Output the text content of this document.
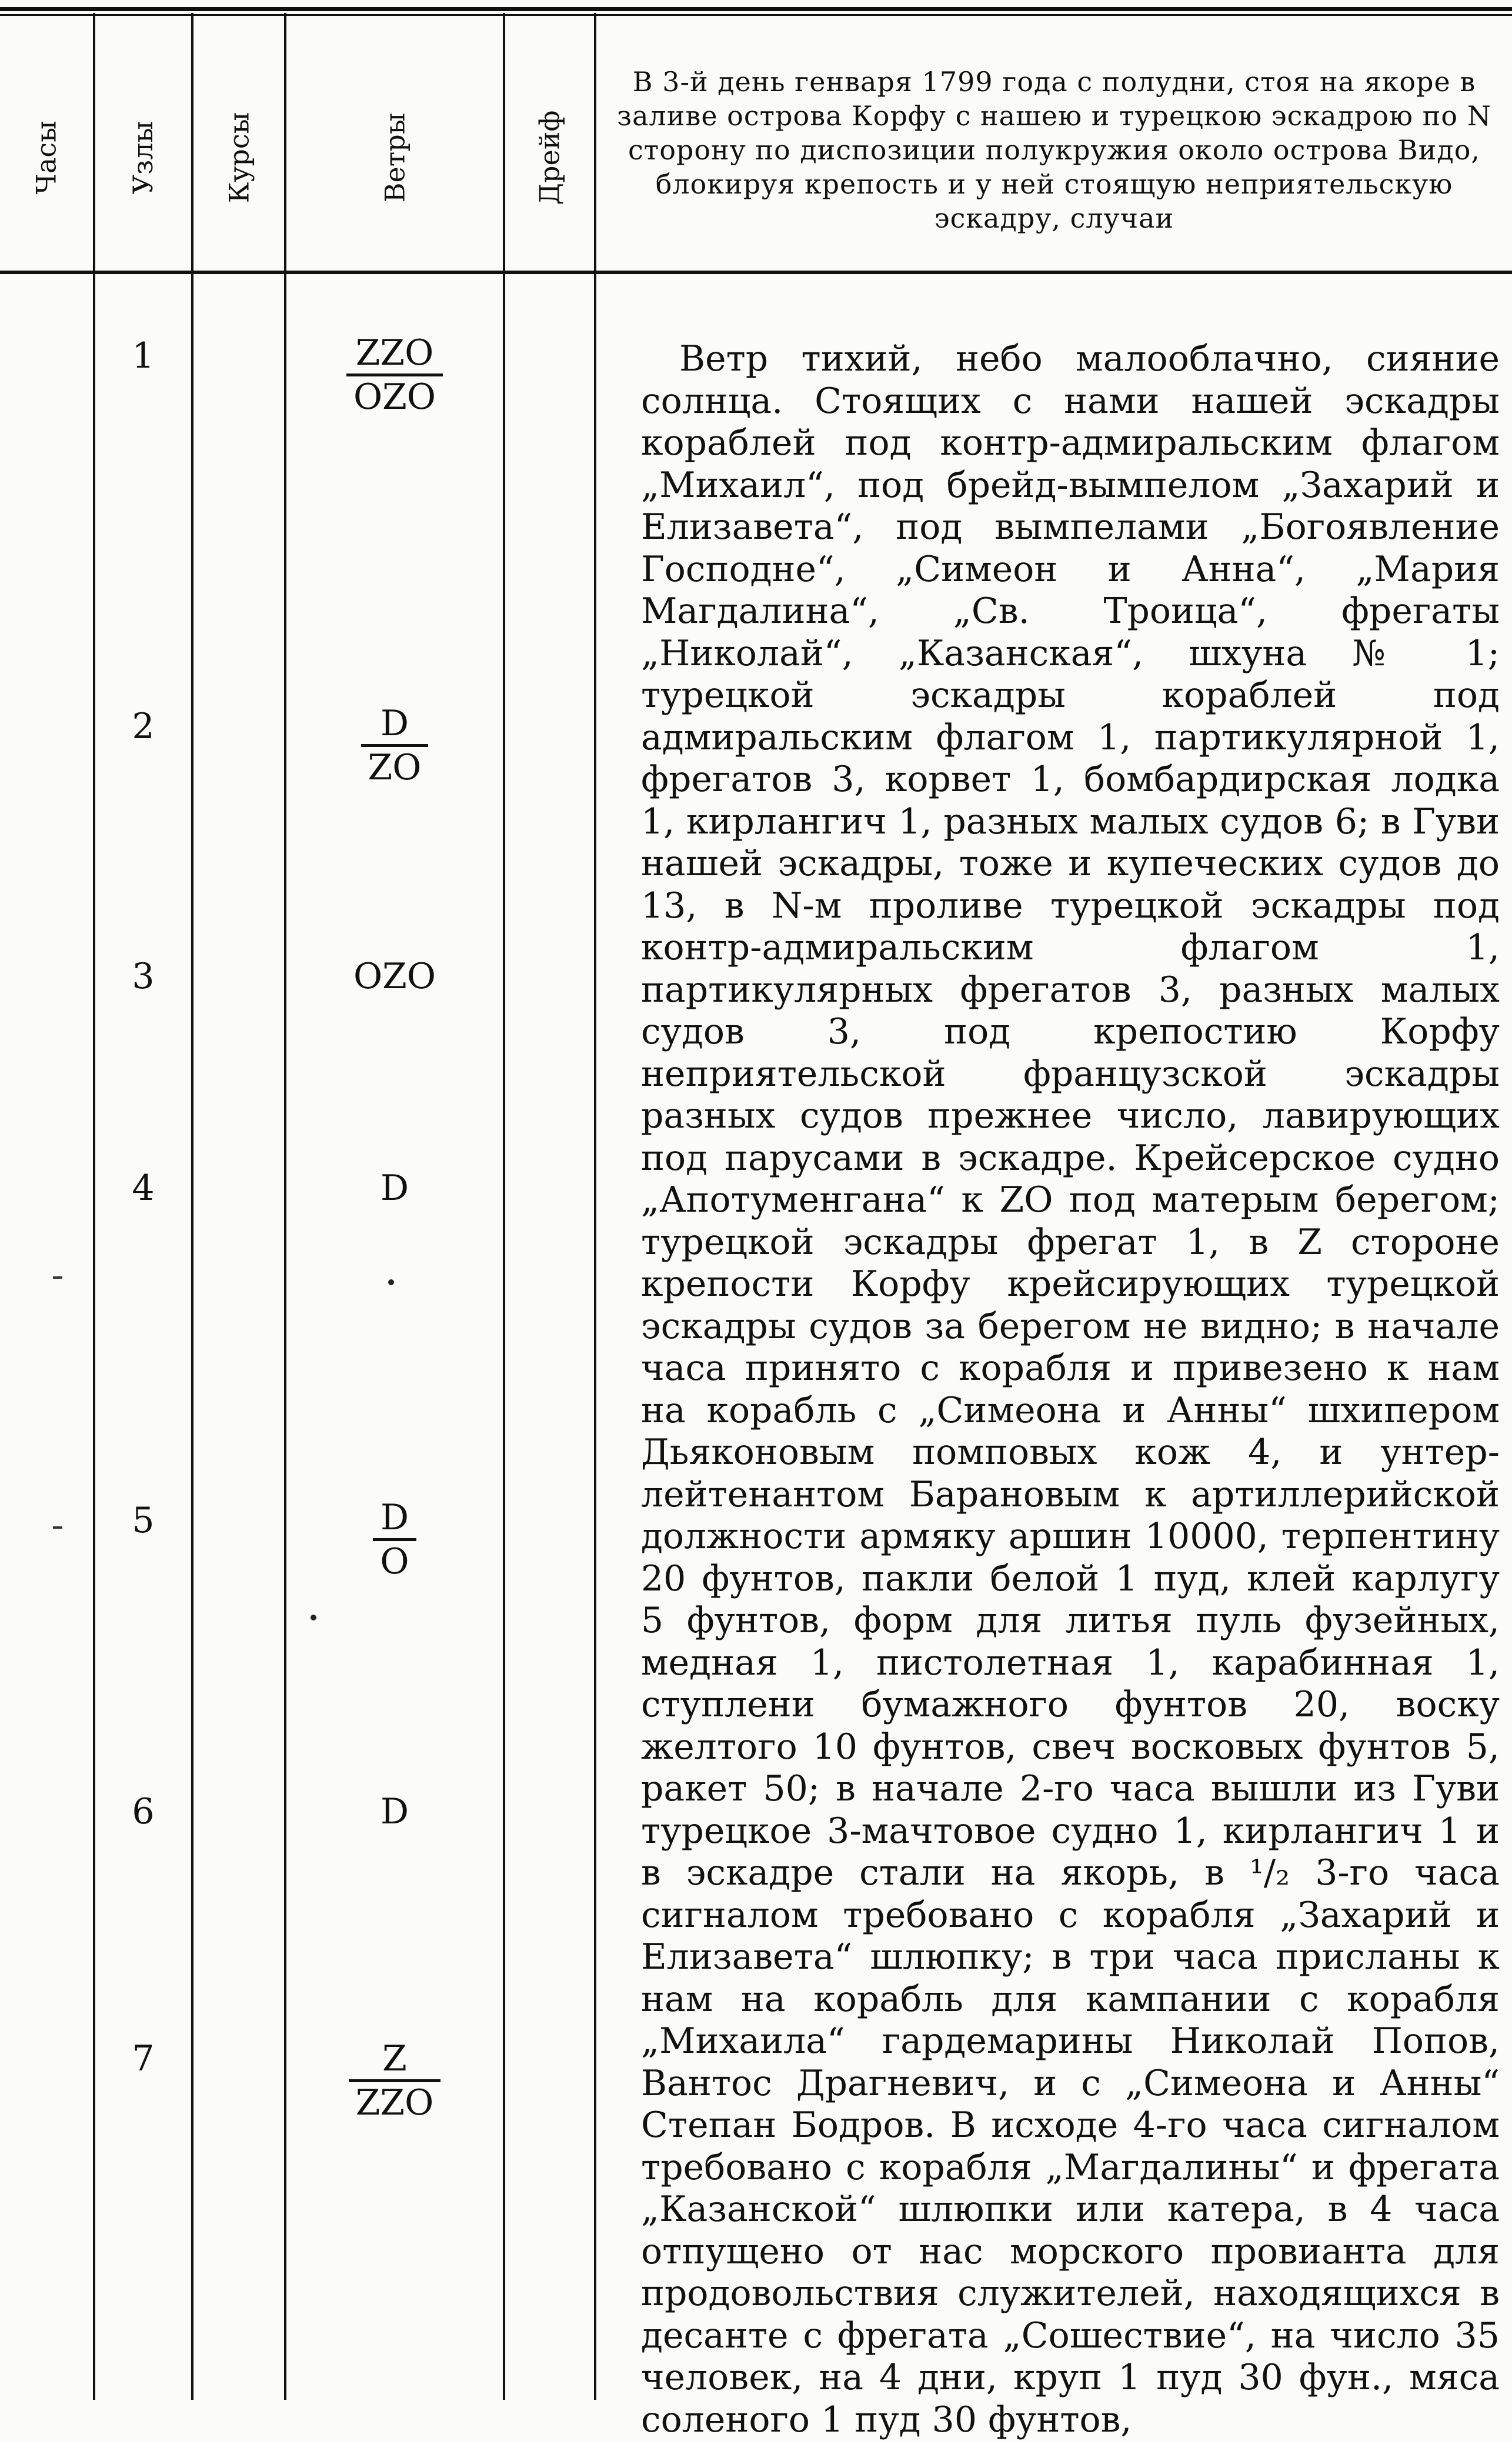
Часы Узлы Курсы	Ветры	Дрейф
В 3-й день генваря 1799 года с полудни, стоя на якоре в заливе острова Корфу с нашею и турецкою эскадрою по N сторону по диспозиции полукружия около острова Видо, блокируя крепость и у ней стоящую неприятельскую эскадру, случаи
1
2
3
4
5
6
7
$\frac{\text{ZZO}}{\text{OZO}}$
$\frac{D}{ZO}$
OZO
D
$\frac{D}{O}$
D
$\frac{Z}{\text{ZZO}}$

Ветр тихий, небо малооблачно, сияние солнца. Стоящих с нами нашей эскадры кораблей под контр-адмиральским флагом „Михаил“, под брейд-вымпелом „Захарий и Елизавета“, под вымпелами „Богоявление Господне“, „Симеон и Анна“, „Мария Магдалина“, „Св. Троица“, фрегаты „Николай“, „Казанская“, шхуна № 1; турецкой эскадры кораблей под адмиральским флагом 1, партикулярной 1, фрегатов 3, корвет 1, бомбардирская лодка 1, кирлангич 1, разных малых судов 6; в Гуви нашей эскадры, тоже и купеческих судов до 13, в N-м проливе турецкой эскадры под контр-адмиральским флагом 1, партикулярных фрегатов 3, разных малых судов 3, под крепостию Корфу неприятельской французской эскадры разных судов прежнее число, лавирующих под парусами в эскадре. Крейсерское судно „Апотуменгана“ к ZO под матерым берегом; турецкой эскадры фрегат 1, в Z стороне крепости Корфу крейсирующих турецкой эскадры судов за берегом не видно; в начале часа принято с корабля и привезено к нам на корабль с „Симеона и Анны“ шхипером Дьяконовым помповых кож 4, и унтер-лейтенантом Барановым к артиллерийской должности армяку аршин 10000, терпентину 20 фунтов, пакли белой 1 пуд, клей карлугу 5 фунтов, форм для литья пуль фузейных, медная 1, пистолетная 1, карабинная 1, ступлени бумажного фунтов 20, воску желтого 10 фунтов, свеч восковых фунтов 5, ракет 50; в начале 2-го часа вышли из Гуви турецкое 3-мачтовое судно 1, кирлангич 1 и в эскадре стали на якорь, в ¹/₂ 3-го часа сигналом требовано с корабля „Захарий и Елизавета“ шлюпку; в три часа присланы к нам на корабль для кампании с корабля „Михаила“ гардемарины Николай Попов, Вантос Драгневич, и с „Симеона и Анны“ Степан Бодров. В исходе 4-го часа сигналом требовано с корабля „Магдалины“ и фрегата „Казанской“ шлюпки или катера, в 4 часа отпущено от нас морского провианта для продовольствия служителей, находящихся в десанте с фрегата „Сошествие“, на число 35 человек, на 4 дни, круп 1 пуд 30 фун., мяса соленого 1 пуд 30 фунтов,
